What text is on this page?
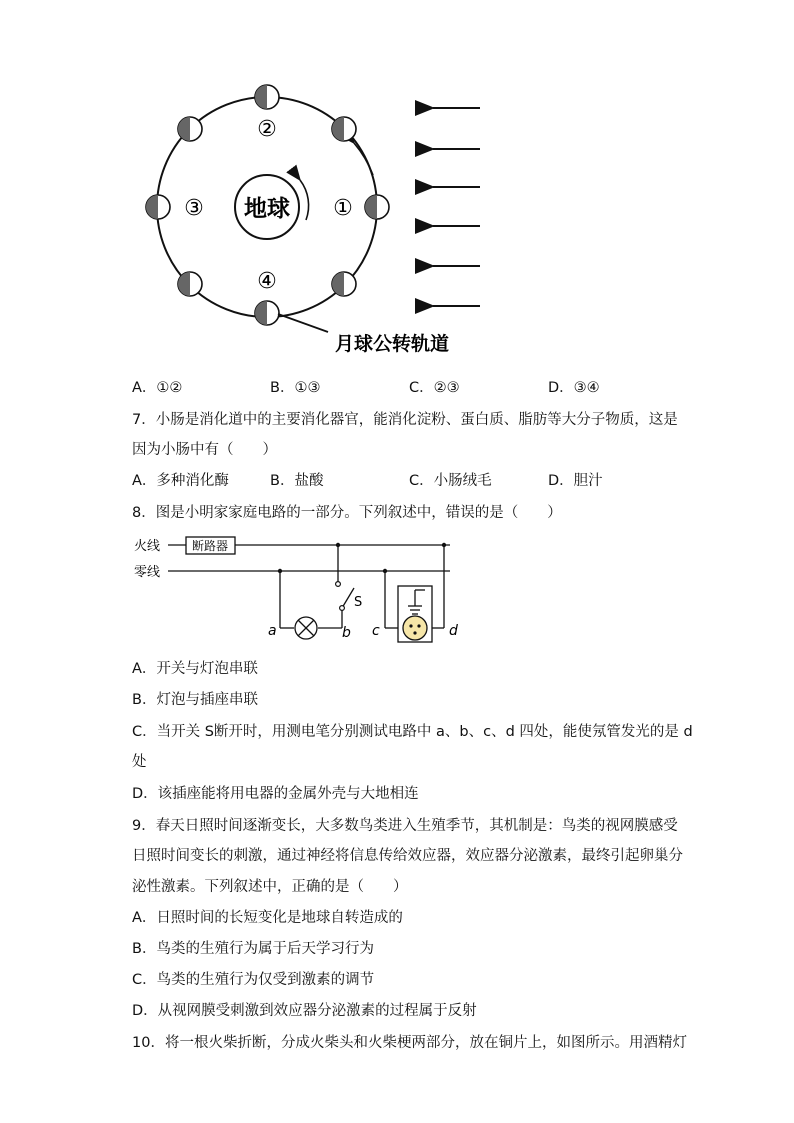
地球
②
①
③
④
月球公转轨道
A．①②	B．①③	C．②③	D．③④
7．小肠是消化道中的主要消化器官，能消化淀粉、蛋白质、脂肪等大分子物质，这是
因为小肠中有（　　）
A．多种消化酶	B．盐酸	C．小肠绒毛	D．胆汁
8．图是小明家家庭电路的一部分。下列叙述中，错误的是（　　）
火线
零线
断路器
S
a	b c	d
A．开关与灯泡串联
B．灯泡与插座串联
C．当开关 S断开时，用测电笔分别测试电路中 a、b、c、d 四处，能使氖管发光的是 d
处
D．该插座能将用电器的金属外壳与大地相连
9．春天日照时间逐渐变长，大多数鸟类进入生殖季节，其机制是：鸟类的视网膜感受
日照时间变长的刺激，通过神经将信息传给效应器，效应器分泌激素，最终引起卵巢分
泌性激素。下列叙述中，正确的是（　　）
A．日照时间的长短变化是地球自转造成的
B．鸟类的生殖行为属于后天学习行为
C．鸟类的生殖行为仅受到激素的调节
D．从视网膜受刺激到效应器分泌激素的过程属于反射
10．将一根火柴折断，分成火柴头和火柴梗两部分，放在铜片上，如图所示。用酒精灯
